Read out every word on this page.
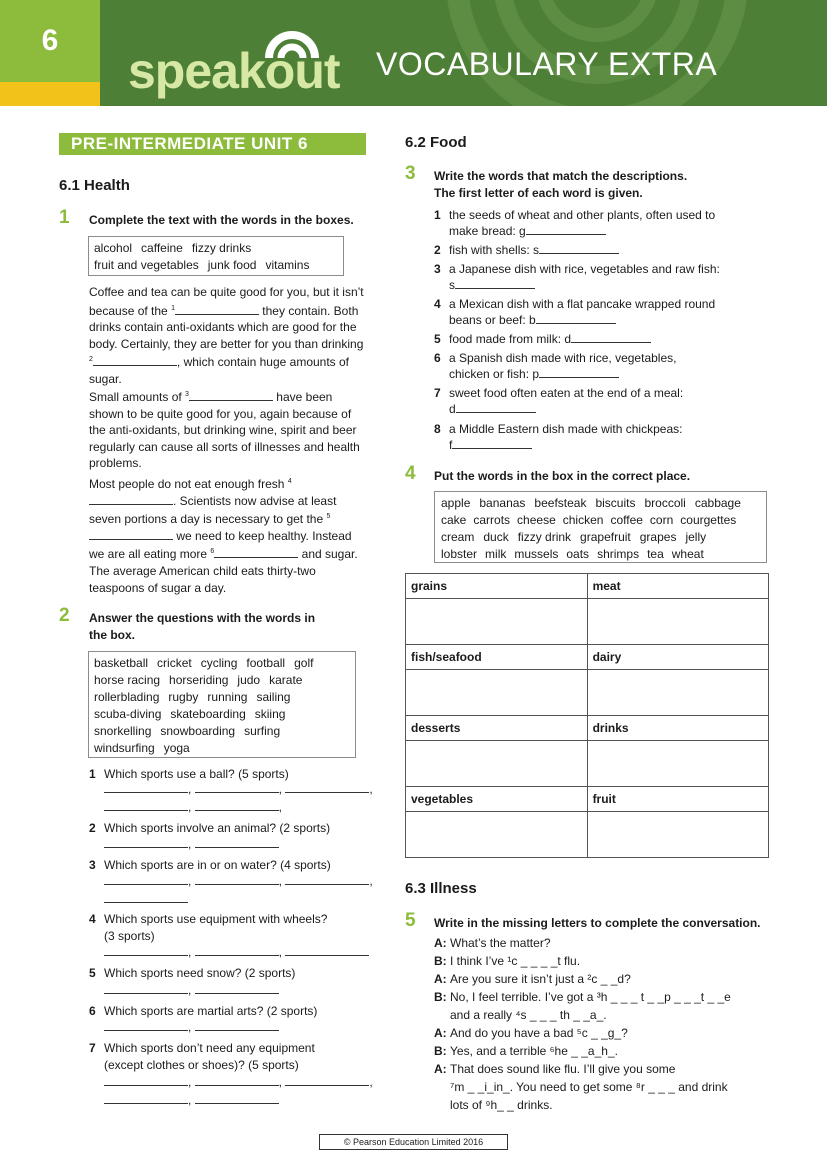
6
speakout VOCABULARY EXTRA
PRE-INTERMEDIATE UNIT 6
6.1 Health
1 Complete the text with the words in the boxes.
alcohol caffeine fizzy drinks
fruit and vegetables junk food vitamins
Coffee and tea can be quite good for you, but it isn’t because of the $^1$	they contain. Both drinks contain anti-oxidants which are good for the body. Certainly, they are better for you than drinking $^2$	, which contain huge amounts of sugar.
Small amounts of $^3$	have been shown to be quite good for you, again because of the anti-oxidants, but drinking wine, spirit and beer regularly can cause all sorts of illnesses and health problems.
Most people do not eat enough fresh $^4$. Scientists now advise at least seven portions a day is necessary to get the $^5$ we need to keep healthy. Instead we are all eating more $^6$	and sugar. The average American child eats thirty-two teaspoons of sugar a day.
2 Answer the questions with the words in
the box.
basketball cricket cycling football golf
horse racing horseriding judo karate
rollerblading rugby running sailing
scuba-diving skateboarding skiing
snorkelling snowboarding surfing
windsurfing yoga
1 Which sports use a ball? (5 sports)
,	,	,
,	,
2 Which sports involve an animal? (2 sports)
,
3 Which sports are in or on water? (4 sports)
,	,	,
4 Which sports use equipment with wheels?
(3 sports)
,	,
5 Which sports need snow? (2 sports)
,
6 Which sports are martial arts? (2 sports)
,
7 Which sports don’t need any equipment
(except clothes or shoes)? (5 sports)
,	,	,
,
6.2 Food
3 Write the words that match the descriptions.
The first letter of each word is given.
1 the seeds of wheat and other plants, often used to
make bread: g
2 fish with shells: s
3 a Japanese dish with rice, vegetables and raw fish:
s
4 a Mexican dish with a flat pancake wrapped round
beans or beef: b
5 food made from milk: d
6 a Spanish dish made with rice, vegetables,
chicken or fish: p
7 sweet food often eaten at the end of a meal:
d
8 a Middle Eastern dish made with chickpeas:
f
4 Put the words in the box in the correct place.
apple bananas beefsteak biscuits broccoli cabbage
cake carrots cheese chicken coffee corn courgettes
cream duck fizzy drink grapefruit grapes jelly
lobster milk mussels oats shrimps tea wheat
grains	meat

fish/seafood	dairy

desserts	drinks

vegetables	fruit

6.3 Illness
5 Write in the missing letters to complete the conversation.
A: What’s the matter?
B: I think I’ve ¹c _ _ _ _t flu.
A: Are you sure it isn’t just a ²c _ _d?
B: No, I feel terrible. I’ve got a ³h _ _ _ t _ _p _ _ _t _ _e
and a really ⁴s _ _ _ th _ _a_.
A: And do you have a bad ⁵c _ _g_?
B: Yes, and a terrible ⁶he _ _a_h_.
A: That does sound like flu. I’ll give you some
⁷m _ _i_in_. You need to get some ⁸r _ _ _ and drink
lots of ⁹h_ _ drinks.
© Pearson Education Limited 2016
